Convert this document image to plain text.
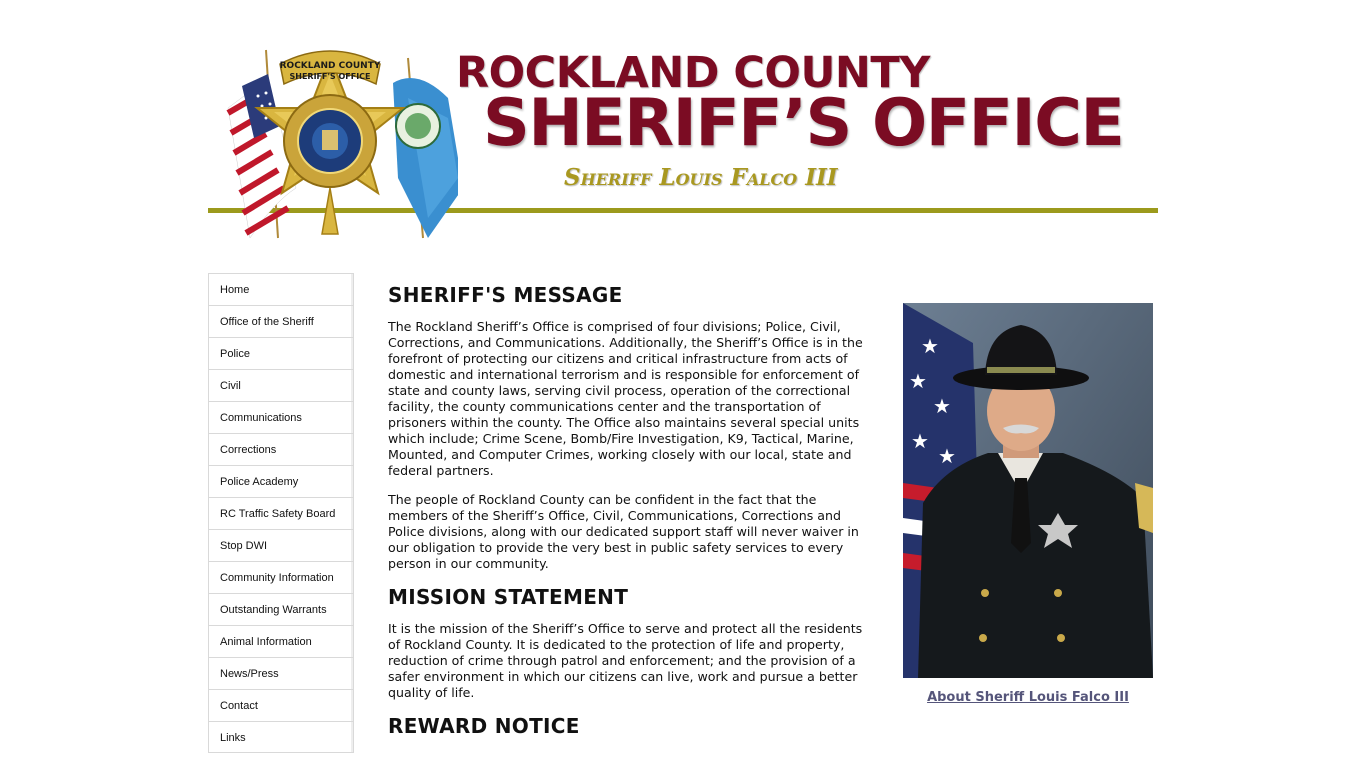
ROCKLAND COUNTY
SHERIFF'S OFFICE ROCKLAND COUNTY
SHERIFF’S OFFICE
Sheriff Louis Falco III
Home
Office of the Sheriff
Police
Civil
Communications
Corrections
Police Academy
RC Traffic Safety Board
Stop DWI
Community Information
Outstanding Warrants
Animal Information
News/Press
Contact
Links
SHERIFF'S MESSAGE

The Rockland Sheriff’s Office is comprised of four divisions; Police, Civil, Corrections, and Communications. Additionally, the Sheriff’s Office is in the forefront of protecting our citizens and critical infrastructure from acts of domestic and international terrorism and is responsible for enforcement of state and county laws, serving civil process, operation of the correctional facility, the county communications center and the transportation of prisoners within the county. The Office also maintains several special units which include; Crime Scene, Bomb/Fire Investigation, K9, Tactical, Marine, Mounted, and Computer Crimes, working closely with our local, state and federal partners.

The people of Rockland County can be confident in the fact that the members of the Sheriff’s Office, Civil, Communications, Corrections and Police divisions, along with our dedicated support staff will never waiver in our obligation to provide the very best in public safety services to every person in our community.

MISSION STATEMENT

It is the mission of the Sheriff’s Office to serve and protect all the residents of Rockland County. It is dedicated to the protection of life and property, reduction of crime through patrol and enforcement; and the provision of a safer environment in which our citizens can live, work and pursue a better quality of life.

REWARD NOTICE
★
★
★
★
★
About Sheriff Louis Falco III
